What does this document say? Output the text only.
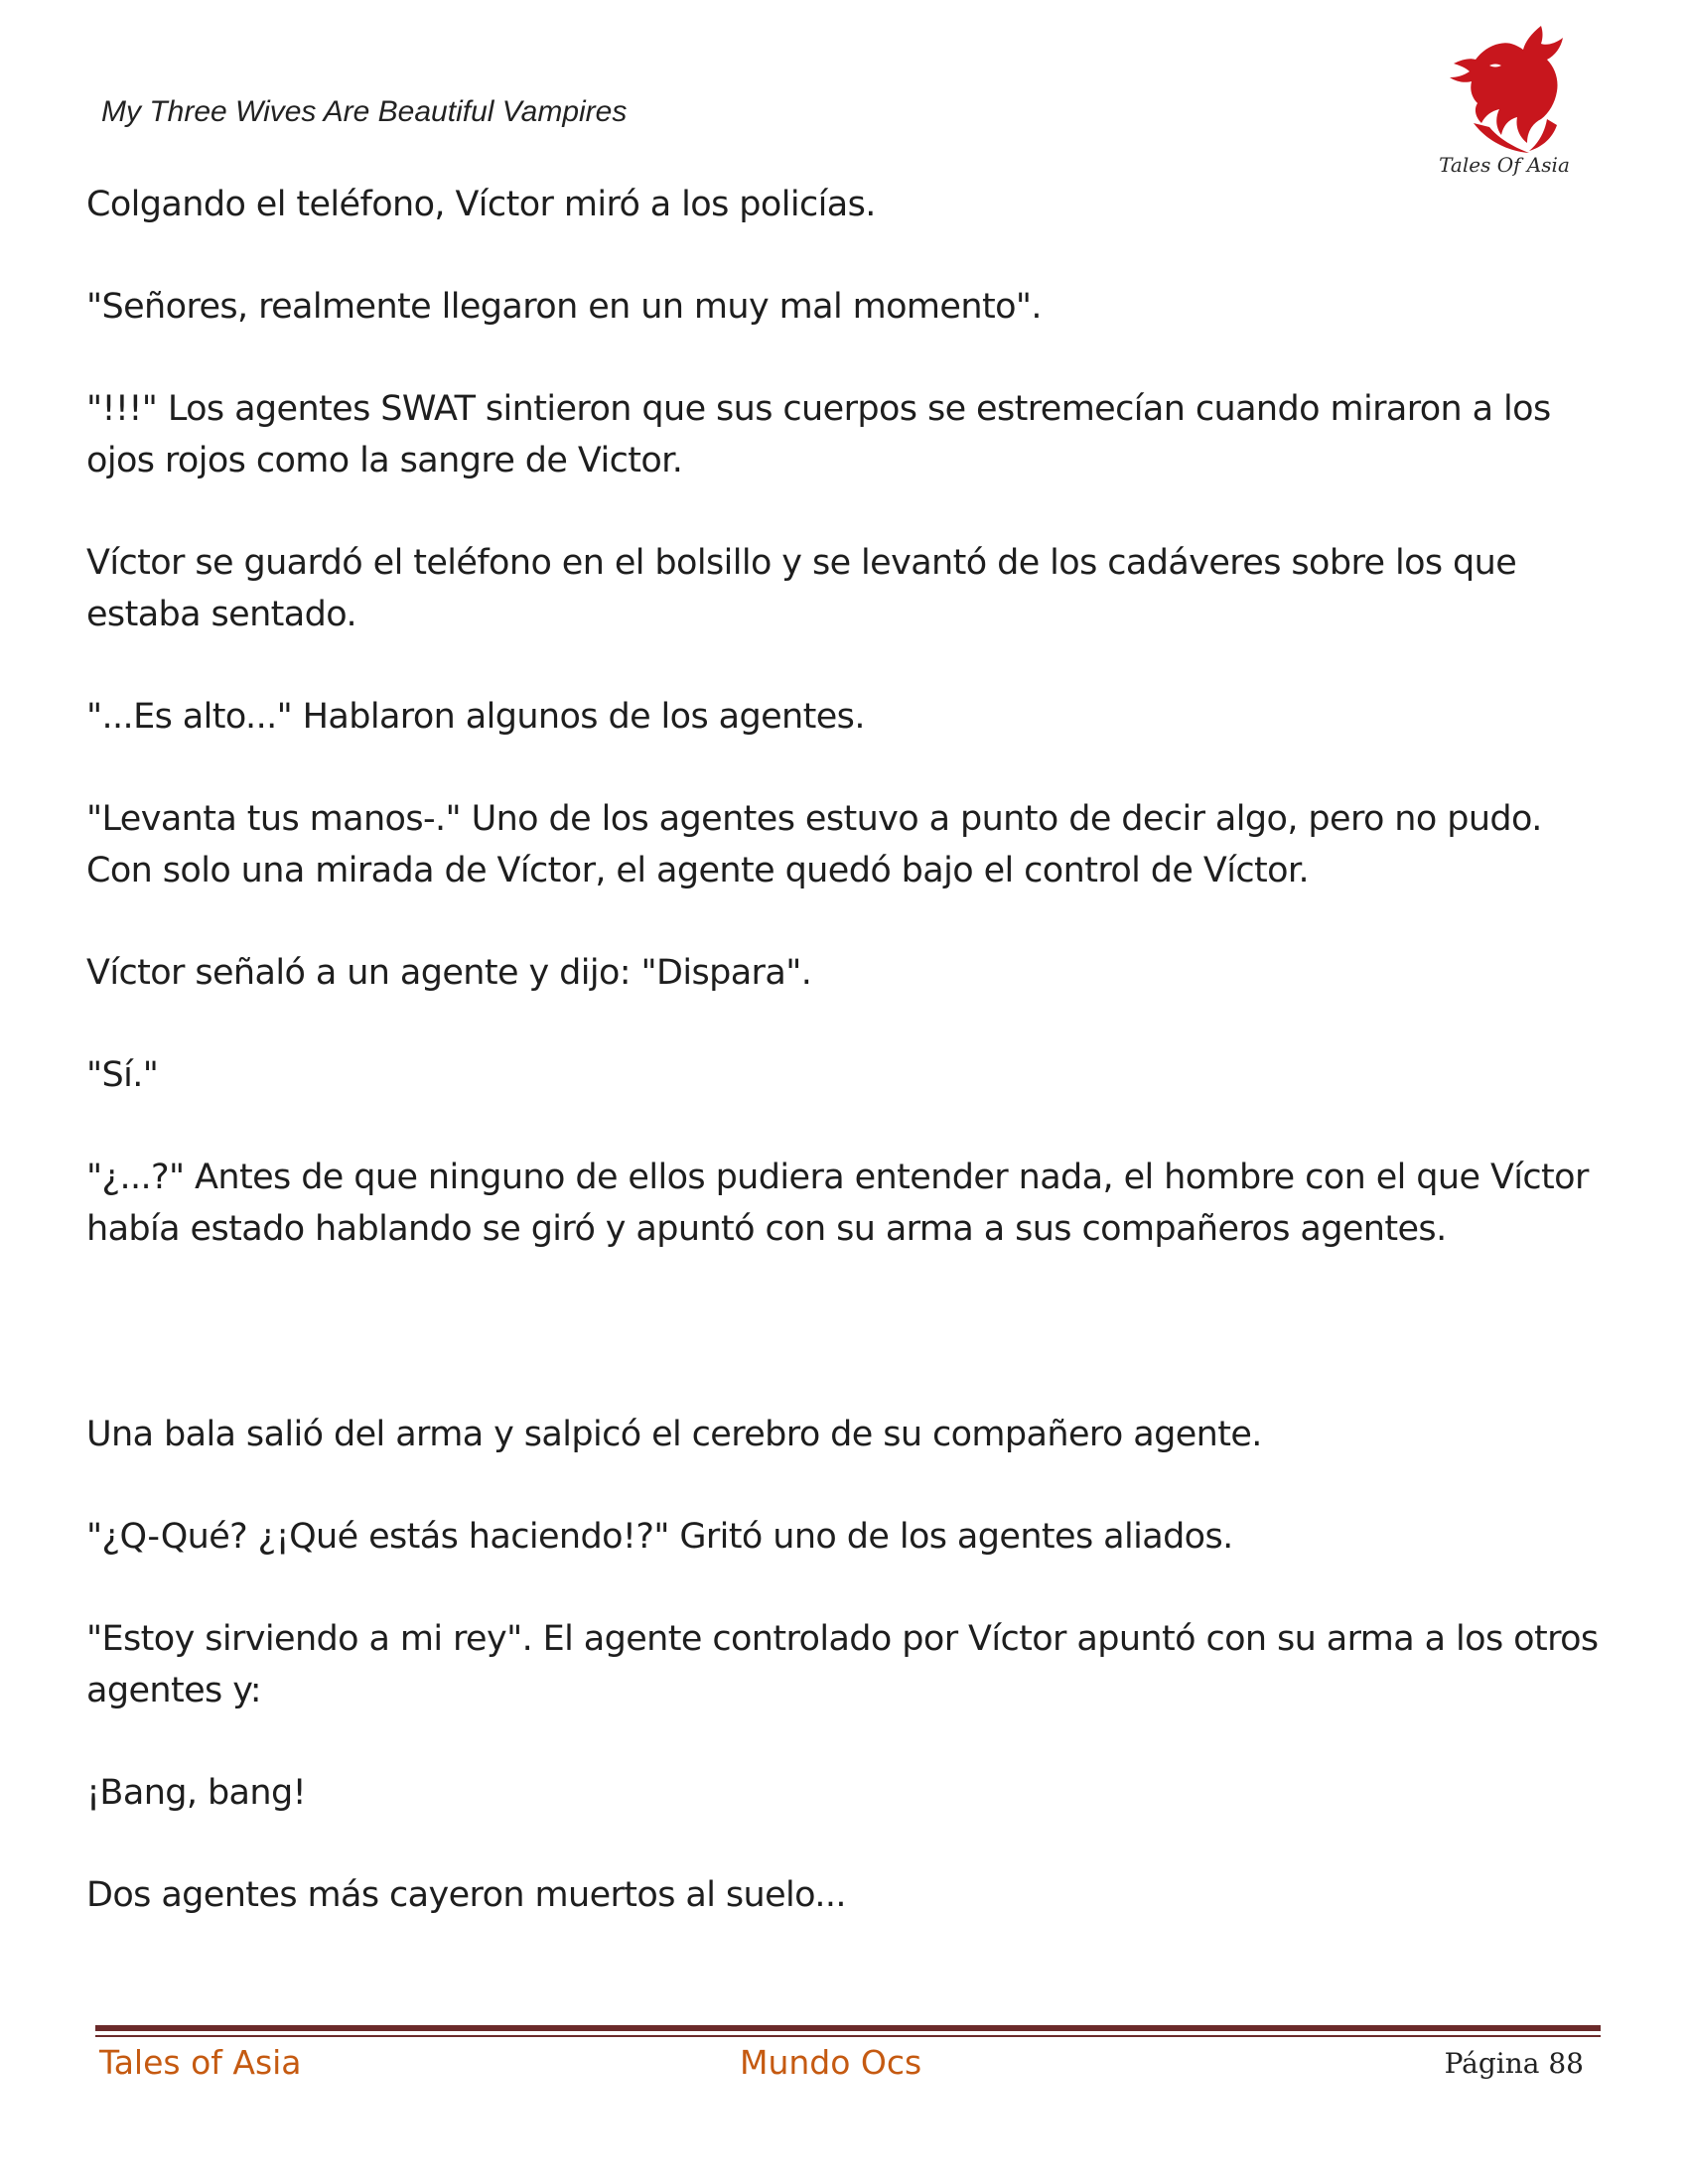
My Three Wives Are Beautiful Vampires
Tales Of Asia

Colgando el teléfono, Víctor miró a los policías.

"Señores, realmente llegaron en un muy mal momento".

"!!!" Los agentes SWAT sintieron que sus cuerpos se estremecían cuando miraron a los ojos rojos como la sangre de Victor.

Víctor se guardó el teléfono en el bolsillo y se levantó de los cadáveres sobre los que estaba sentado.

"...Es alto..." Hablaron algunos de los agentes.

"Levanta tus manos-." Uno de los agentes estuvo a punto de decir algo, pero no pudo. Con solo una mirada de Víctor, el agente quedó bajo el control de Víctor.

Víctor señaló a un agente y dijo: "Dispara".

"Sí."

"¿...?" Antes de que ninguno de ellos pudiera entender nada, el hombre con el que Víctor había estado hablando se giró y apuntó con su arma a sus compañeros agentes.

Una bala salió del arma y salpicó el cerebro de su compañero agente.

"¿Q-Qué? ¿¡Qué estás haciendo!?" Gritó uno de los agentes aliados.

"Estoy sirviendo a mi rey". El agente controlado por Víctor apuntó con su arma a los otros agentes y:

¡Bang, bang!

Dos agentes más cayeron muertos al suelo...

Tales of Asia	Mundo Ocs	Página 88
